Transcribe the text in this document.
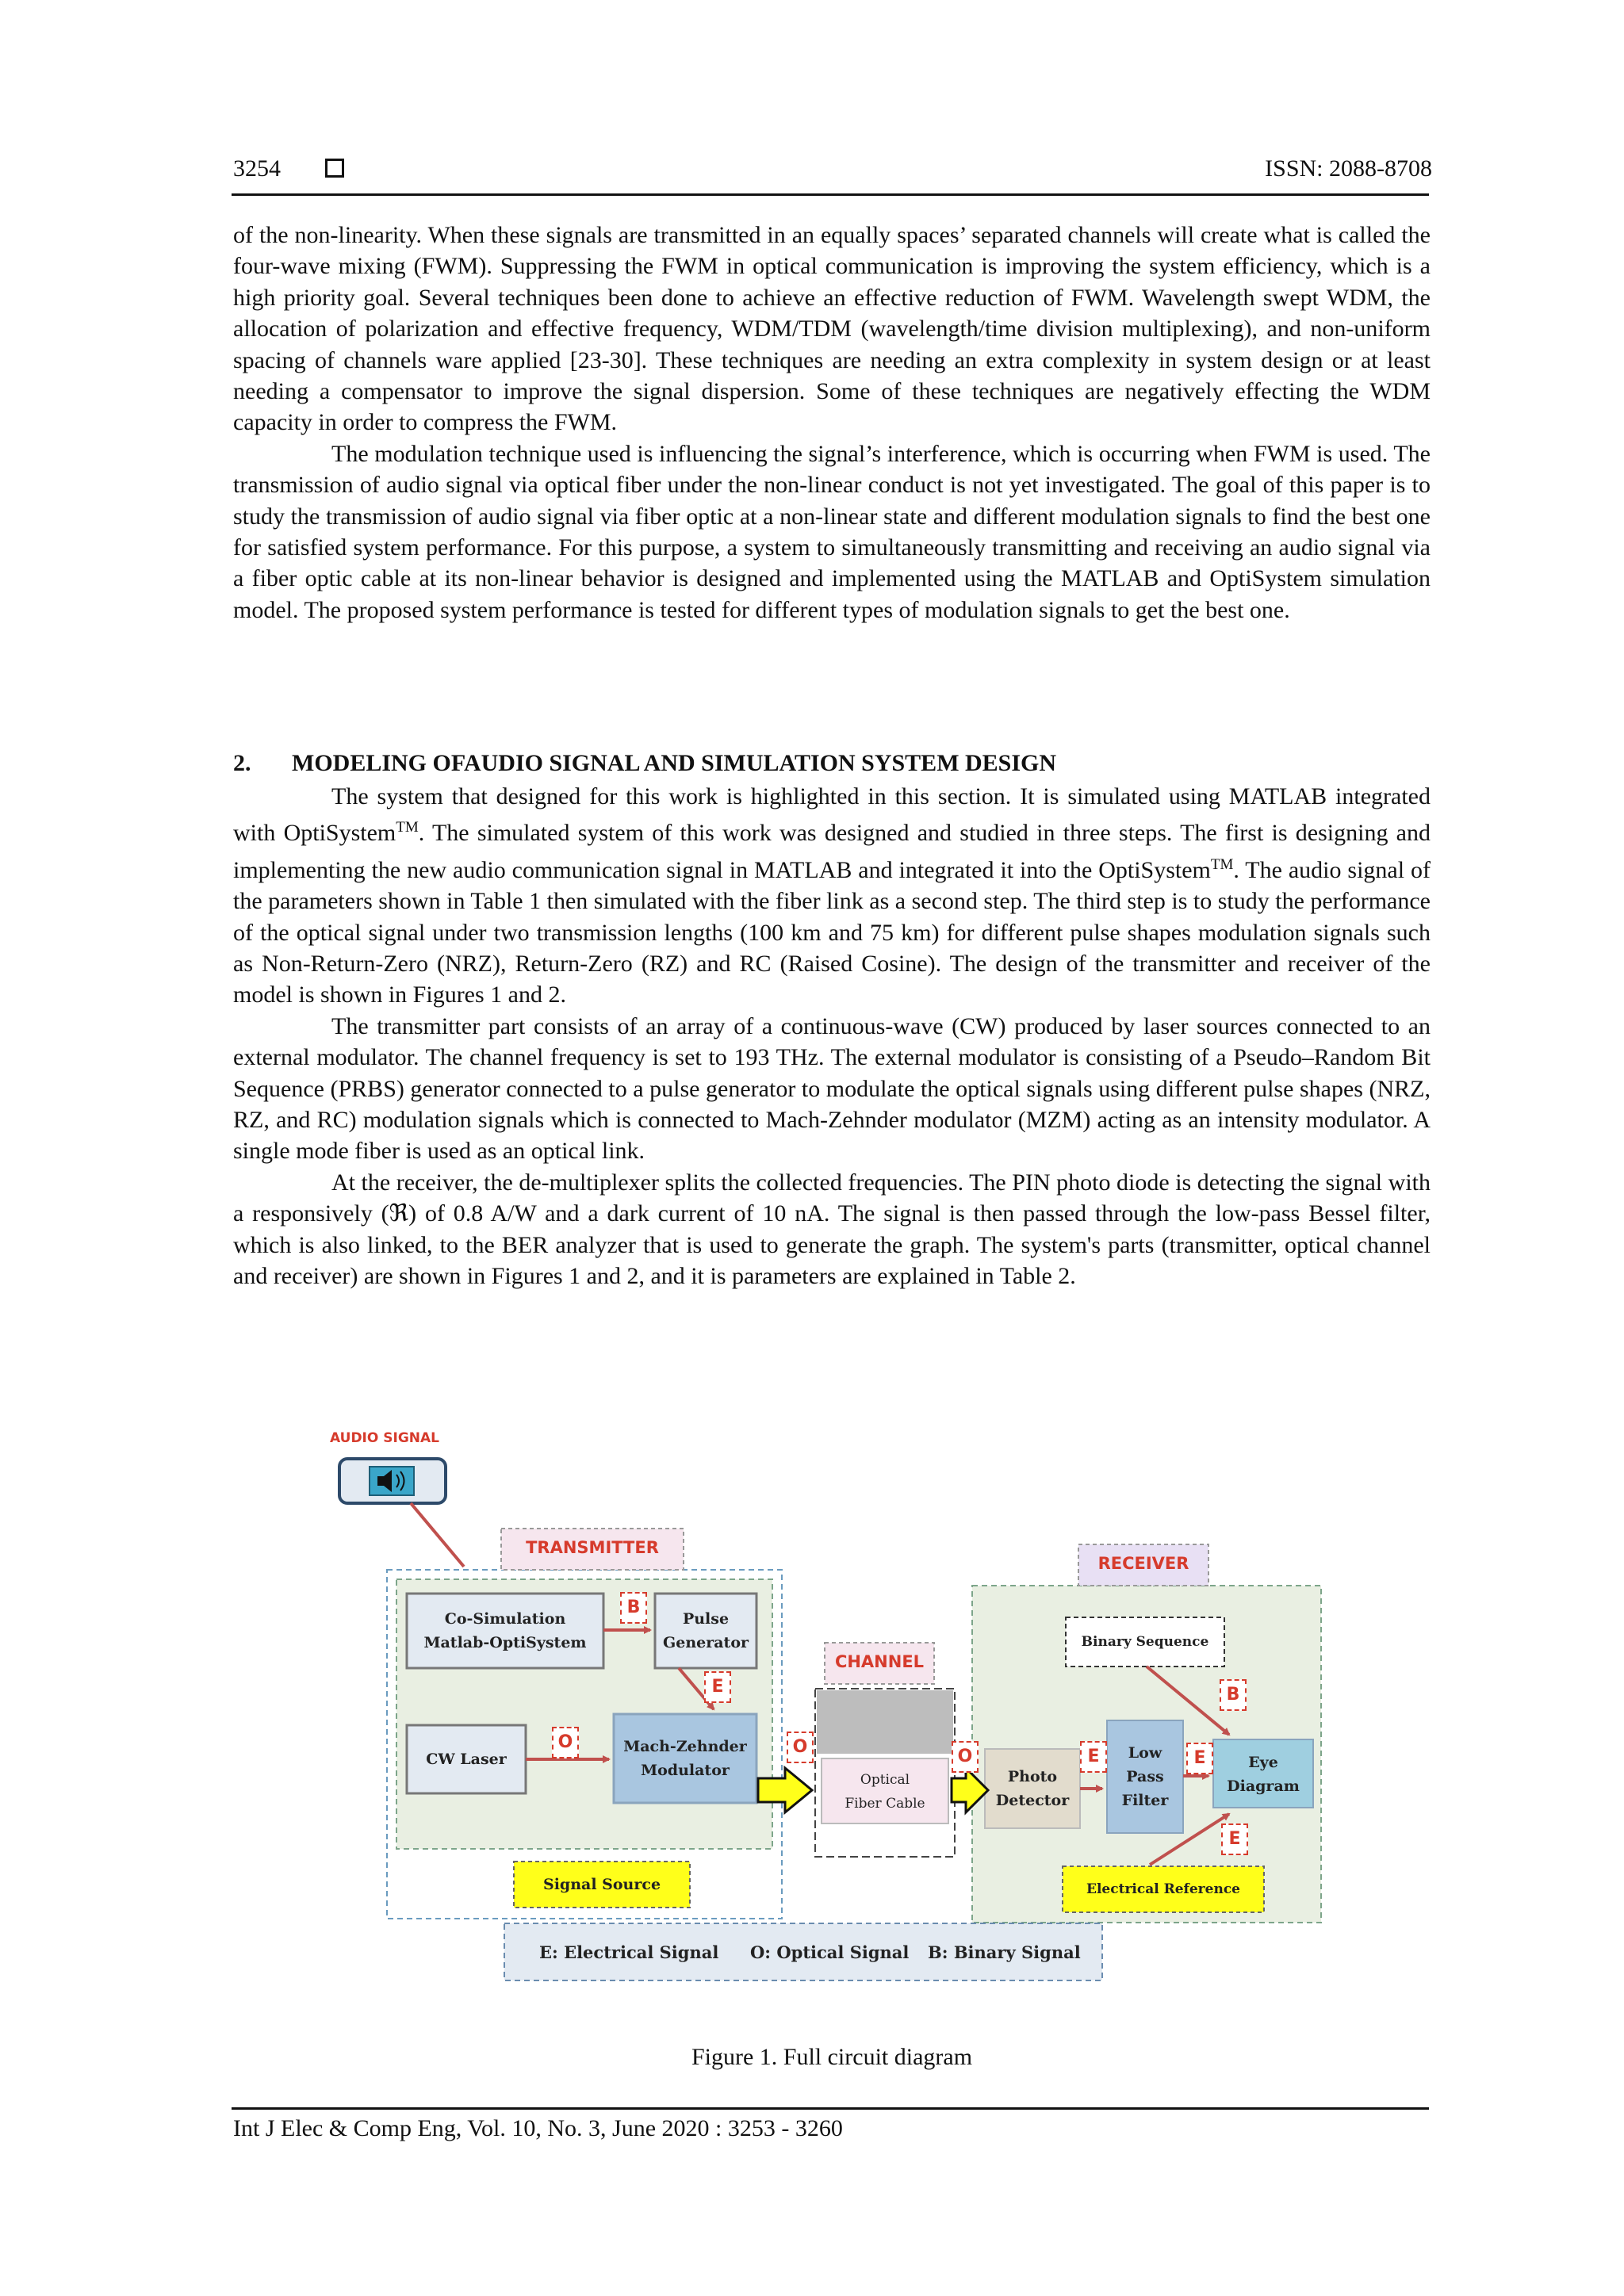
3254	ISSN: 2088-8708

of the non-linearity. When these signals are transmitted in an equally spaces’ separated channels will create what is called the four-wave mixing (FWM). Suppressing the FWM in optical communication is improving the system efficiency, which is a high priority goal. Several techniques been done to achieve an effective reduction of FWM. Wavelength swept WDM, the allocation of polarization and effective frequency, WDM/TDM (wavelength/time division multiplexing), and non-uniform spacing of channels ware applied [23-30]. These techniques are needing an extra complexity in system design or at least needing a compensator to improve the signal dispersion. Some of these techniques are negatively effecting the WDM capacity in order to compress the FWM.

The modulation technique used is influencing the signal’s interference, which is occurring when FWM is used. The transmission of audio signal via optical fiber under the non-linear conduct is not yet investigated. The goal of this paper is to study the transmission of audio signal via fiber optic at a non-linear state and different modulation signals to find the best one for satisfied system performance. For this purpose, a system to simultaneously transmitting and receiving an audio signal via a fiber optic cable at its non-linear behavior is designed and implemented using the MATLAB and OptiSystem simulation model. The proposed system performance is tested for different types of modulation signals to get the best one.

2. MODELING OFAUDIO SIGNAL AND SIMULATION SYSTEM DESIGN

The system that designed for this work is highlighted in this section. It is simulated using MATLAB integrated with OptiSystem™. The simulated system of this work was designed and studied in three steps. The first is designing and implementing the new audio communication signal in MATLAB and integrated it into the OptiSystem™. The audio signal of the parameters shown in Table 1 then simulated with the fiber link as a second step. The third step is to study the performance of the optical signal under two transmission lengths (100 km and 75 km) for different pulse shapes modulation signals such as Non-Return-Zero (NRZ), Return-Zero (RZ) and RC (Raised Cosine). The design of the transmitter and receiver of the model is shown in Figures 1 and 2.

The transmitter part consists of an array of a continuous-wave (CW) produced by laser sources connected to an external modulator. The channel frequency is set to 193 THz. The external modulator is consisting of a Pseudo–Random Bit Sequence (PRBS) generator connected to a pulse generator to modulate the optical signals using different pulse shapes (NRZ, RZ, and RC) modulation signals which is connected to Mach-Zehnder modulator (MZM) acting as an intensity modulator. A single mode fiber is used as an optical link.

At the receiver, the de-multiplexer splits the collected frequencies. The PIN photo diode is detecting the signal with a responsively (ℜ) of 0.8 A/W and a dark current of 10 nA. The signal is then passed through the low-pass Bessel filter, which is also linked, to the BER analyzer that is used to generate the graph. The system's parts (transmitter, optical channel and receiver) are shown in Figures 1 and 2, and it is parameters are explained in Table 2.

AUDIO SIGNAL
TRANSMITTER
RECEIVER
CHANNEL
Co-Simulation
Matlab-OptiSystem
Pulse
Generator
CW Laser
Mach-Zehnder
Modulator
Signal Source
Optical
Fiber Cable
Binary Sequence
Photo
Detector
Low
Pass
Filter
Eye
Diagram
Electrical Reference
B
E
O	O	O	E	E
B
E
E: Electrical Signal O: Optical Signal B: Binary Signal
Figure 1. Full circuit diagram
Int J Elec & Comp Eng, Vol. 10, No. 3, June 2020 : 3253 - 3260
